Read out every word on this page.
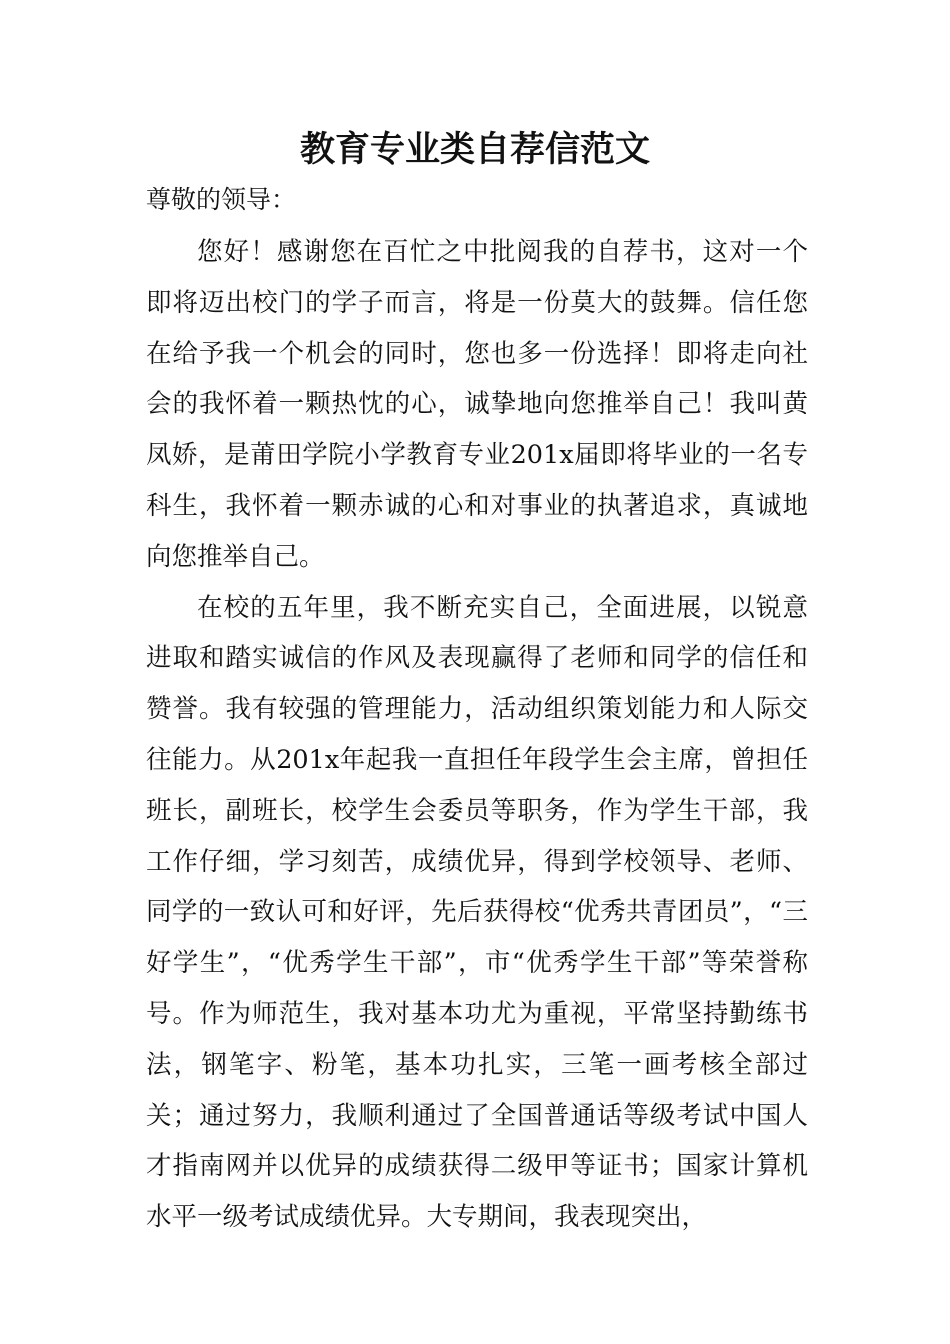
教育专业类自荐信范文
尊敬的领导：

您好！感谢您在百忙之中批阅我的自荐书，这对一个即将迈出校门的学子而言，将是一份莫大的鼓舞。信任您在给予我一个机会的同时，您也多一份选择！即将走向社会的我怀着一颗热忱的心，诚挚地向您推举自己！我叫黄凤娇，是莆田学院小学教育专业201x届即将毕业的一名专科生，我怀着一颗赤诚的心和对事业的执著追求，真诚地向您推举自己。

在校的五年里，我不断充实自己，全面进展，以锐意进取和踏实诚信的作风及表现赢得了老师和同学的信任和赞誉。我有较强的管理能力，活动组织策划能力和人际交往能力。从201x年起我一直担任年段学生会主席，曾担任班长，副班长，校学生会委员等职务，作为学生干部，我工作仔细，学习刻苦，成绩优异，得到学校领导、老师、同学的一致认可和好评，先后获得校“优秀共青团员”，“三好学生”，“优秀学生干部”，市“优秀学生干部”等荣誉称号。作为师范生，我对基本功尤为重视，平常坚持勤练书法，钢笔字、粉笔，基本功扎实，三笔一画考核全部过关；通过努力，我顺利通过了全国普通话等级考试中国人才指南网并以优异的成绩获得二级甲等证书；国家计算机水平一级考试成绩优异。大专期间，我表现突出，
